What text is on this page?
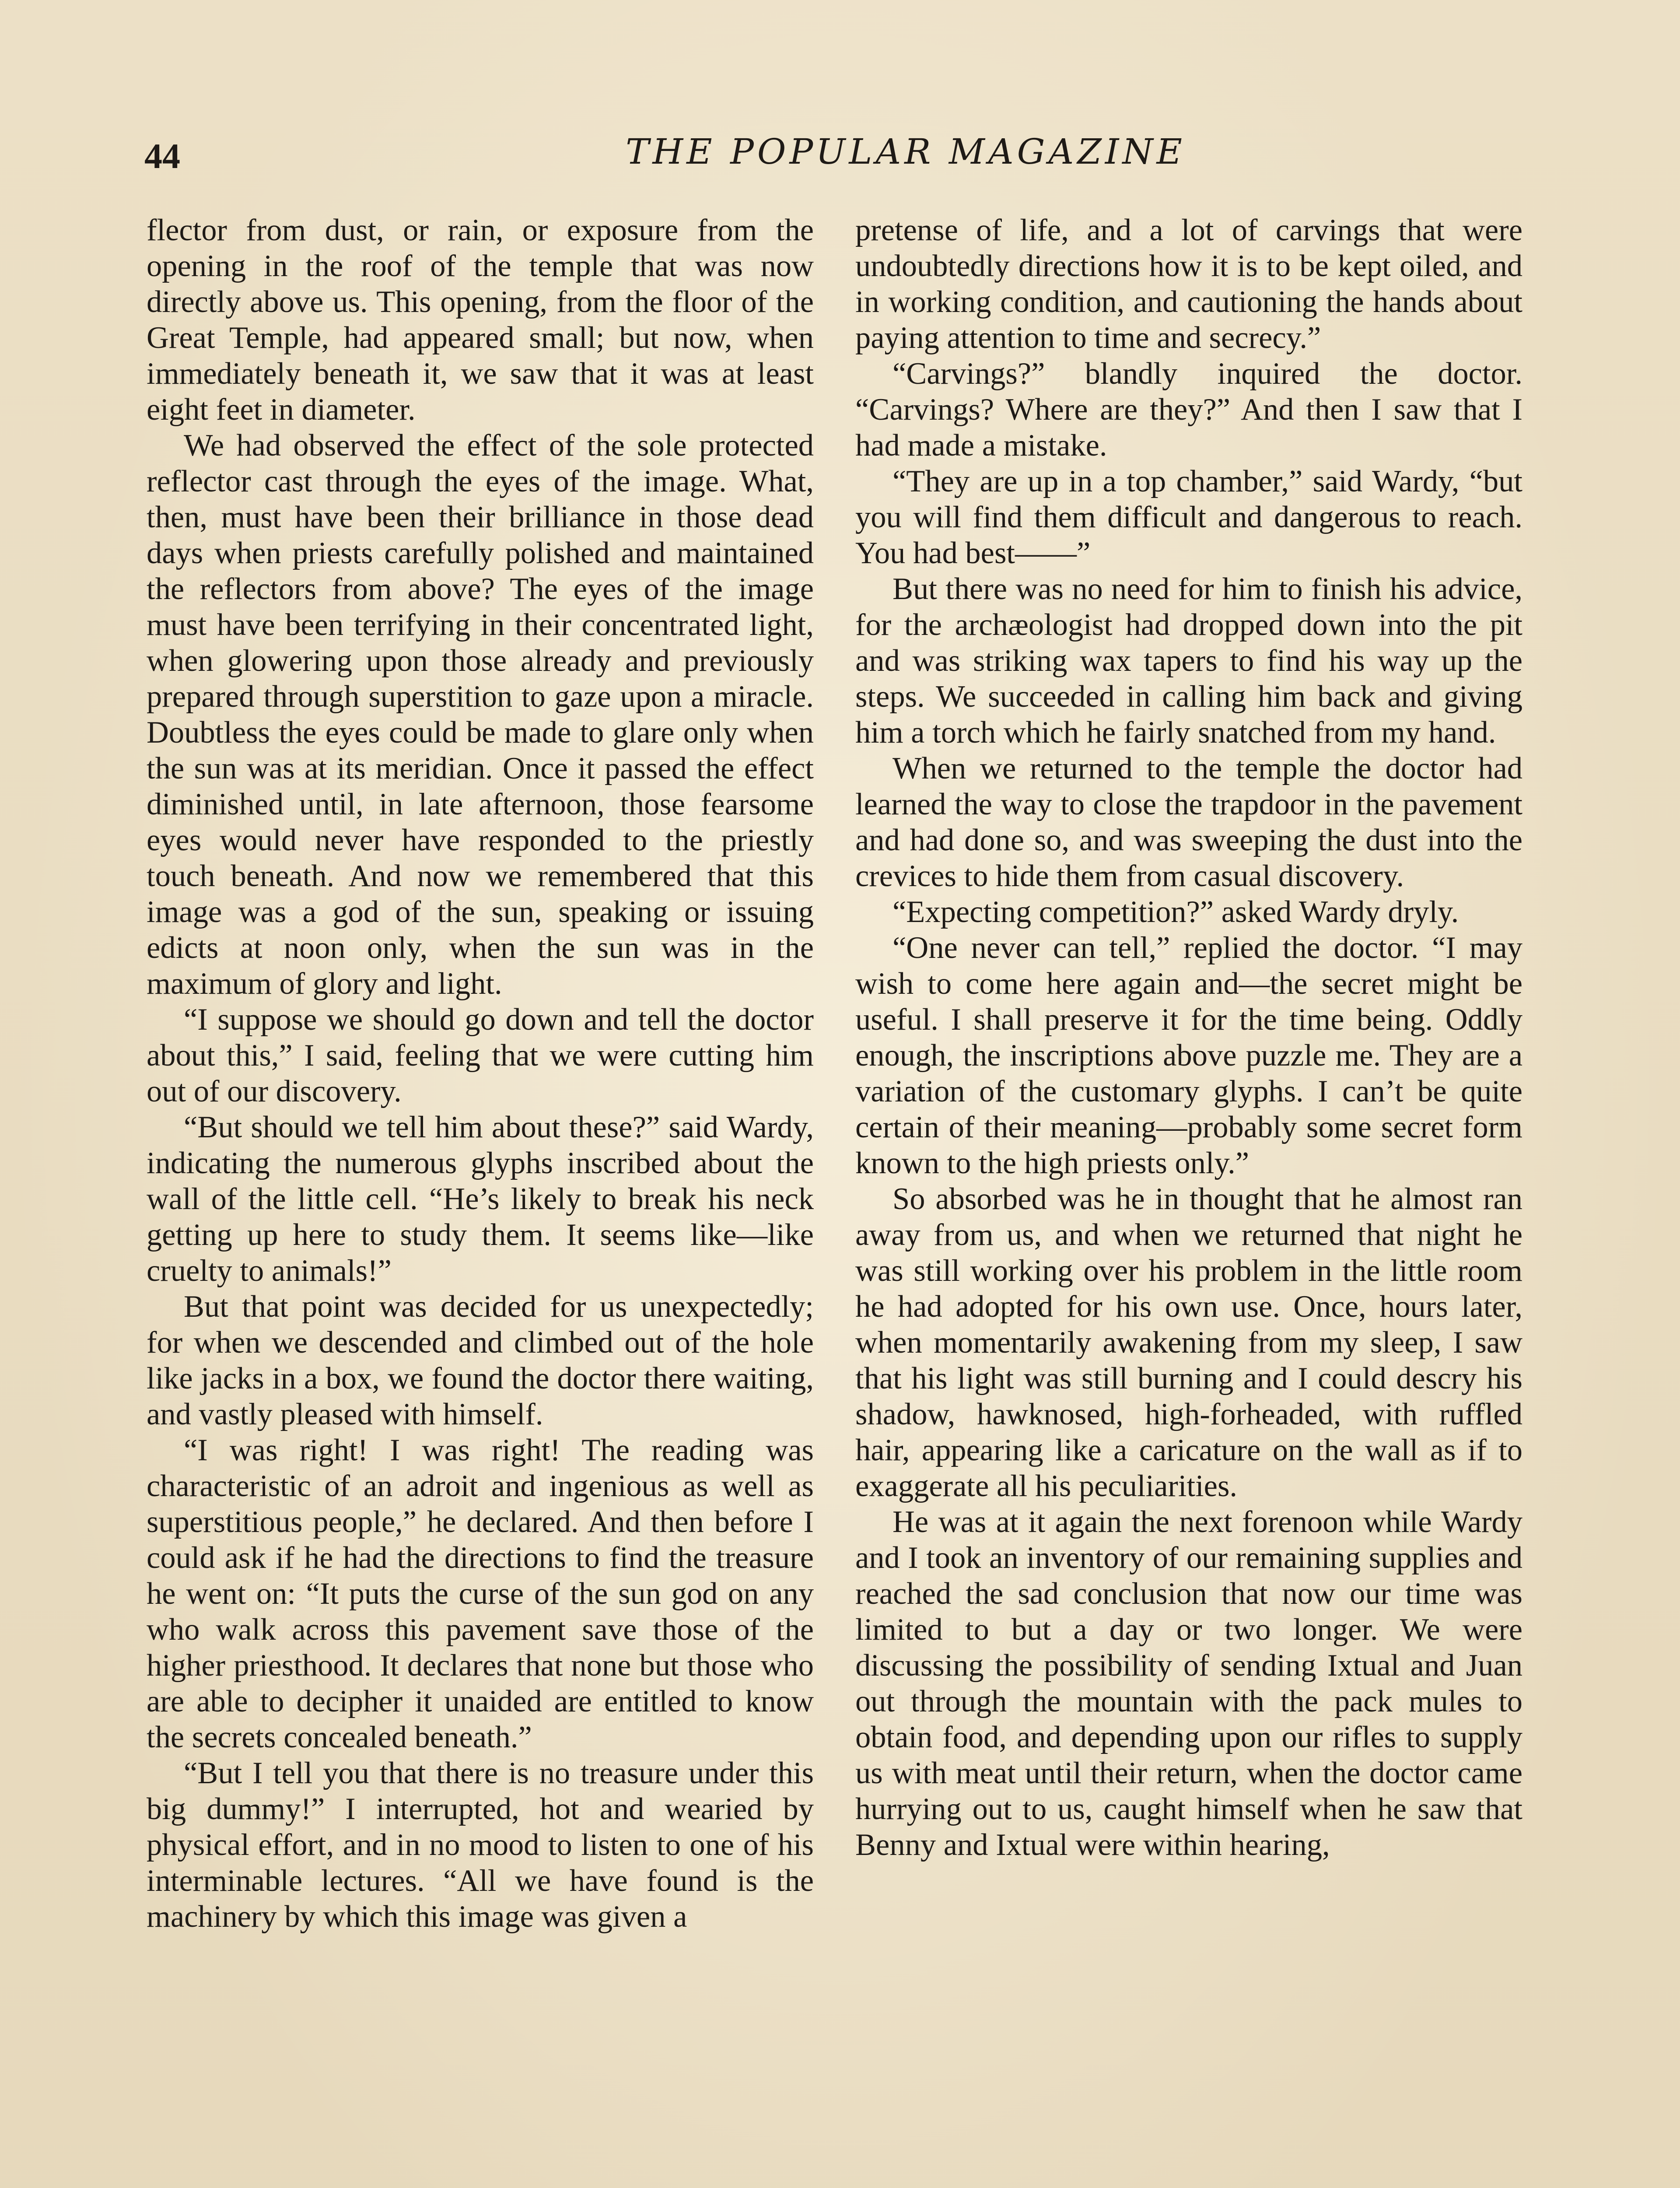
44	THE POPULAR MAGAZINE

flector from dust, or rain, or exposure from the opening in the roof of the temple that was now directly above us. This opening, from the floor of the Great Temple, had appeared small; but now, when immediately beneath it, we saw that it was at least eight feet in diameter.

We had observed the effect of the sole protected reflector cast through the eyes of the image. What, then, must have been their brilliance in those dead days when priests carefully polished and maintained the reflectors from above? The eyes of the image must have been terrifying in their concentrated light, when glowering upon those already and previously prepared through superstition to gaze upon a miracle. Doubtless the eyes could be made to glare only when the sun was at its meridian. Once it passed the effect diminished until, in late afternoon, those fearsome eyes would never have responded to the priestly touch beneath. And now we remembered that this image was a god of the sun, speaking or issuing edicts at noon only, when the sun was in the maximum of glory and light.

“I suppose we should go down and tell the doctor about this,” I said, feeling that we were cutting him out of our discovery.

“But should we tell him about these?” said Wardy, indicating the numerous glyphs inscribed about the wall of the little cell. “He’s likely to break his neck getting up here to study them. It seems like—like cruelty to animals!”

But that point was decided for us unexpectedly; for when we descended and climbed out of the hole like jacks in a box, we found the doctor there waiting, and vastly pleased with himself.

“I was right! I was right! The reading was characteristic of an adroit and ingenious as well as superstitious people,” he declared. And then before I could ask if he had the directions to find the treasure he went on: “It puts the curse of the sun god on any who walk across this pavement save those of the higher priesthood. It declares that none but those who are able to decipher it unaided are entitled to know the secrets concealed beneath.”

“But I tell you that there is no treasure under this big dummy!” I interrupted, hot and wearied by physical effort, and in no mood to listen to one of his interminable lectures. “All we have found is the machinery by which this image was given a

pretense of life, and a lot of carvings that were undoubtedly directions how it is to be kept oiled, and in working condition, and cautioning the hands about paying attention to time and secrecy.”

“Carvings?” blandly inquired the doctor. “Carvings? Where are they?” And then I saw that I had made a mistake.

“They are up in a top chamber,” said Wardy, “but you will find them difficult and dangerous to reach. You had best——”

But there was no need for him to finish his advice, for the archæologist had dropped down into the pit and was striking wax tapers to find his way up the steps. We succeeded in calling him back and giving him a torch which he fairly snatched from my hand.

When we returned to the temple the doctor had learned the way to close the trapdoor in the pavement and had done so, and was sweeping the dust into the crevices to hide them from casual discovery.

“Expecting competition?” asked Wardy dryly.

“One never can tell,” replied the doctor. “I may wish to come here again and—the secret might be useful. I shall preserve it for the time being. Oddly enough, the inscriptions above puzzle me. They are a variation of the customary glyphs. I can’t be quite certain of their meaning—probably some secret form known to the high priests only.”

So absorbed was he in thought that he almost ran away from us, and when we returned that night he was still working over his problem in the little room he had adopted for his own use. Once, hours later, when momentarily awakening from my sleep, I saw that his light was still burning and I could descry his shadow, hawknosed, high-forheaded, with ruffled hair, appearing like a caricature on the wall as if to exaggerate all his peculiarities.

He was at it again the next forenoon while Wardy and I took an inventory of our remaining supplies and reached the sad conclusion that now our time was limited to but a day or two longer. We were discussing the possibility of sending Ixtual and Juan out through the mountain with the pack mules to obtain food, and depending upon our rifles to supply us with meat until their return, when the doctor came hurrying out to us, caught himself when he saw that Benny and Ixtual were within hearing,
